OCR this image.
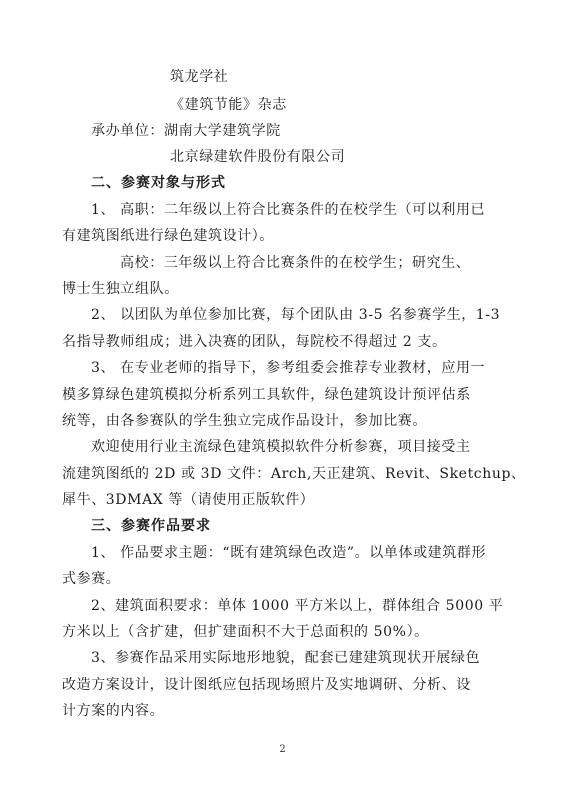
筑龙学社
《建筑节能》杂志
承办单位：湖南大学建筑学院
北京绿建软件股份有限公司
二、参赛对象与形式
1、 高职：二年级以上符合比赛条件的在校学生（可以利用已
有建筑图纸进行绿色建筑设计）。
高校：三年级以上符合比赛条件的在校学生；研究生、
博士生独立组队。
2、 以团队为单位参加比赛，每个团队由 3-5 名参赛学生，1-3
名指导教师组成；进入决赛的团队，每院校不得超过 2 支。
3、 在专业老师的指导下，参考组委会推荐专业教材，应用一
模多算绿色建筑模拟分析系列工具软件，绿色建筑设计预评估系
统等，由各参赛队的学生独立完成作品设计，参加比赛。
欢迎使用行业主流绿色建筑模拟软件分析参赛，项目接受主
流建筑图纸的 2D 或 3D 文件：Arch,天正建筑、Revit、Sketchup、
犀牛、3DMAX 等（请使用正版软件）
三、参赛作品要求
1、 作品要求主题：“既有建筑绿色改造”。以单体或建筑群形
式参赛。
2、建筑面积要求：单体 1000 平方米以上，群体组合 5000 平
方米以上（含扩建，但扩建面积不大于总面积的 50%）。
3、参赛作品采用实际地形地貌，配套已建建筑现状开展绿色
改造方案设计，设计图纸应包括现场照片及实地调研、分析、设
计方案的内容。
2
